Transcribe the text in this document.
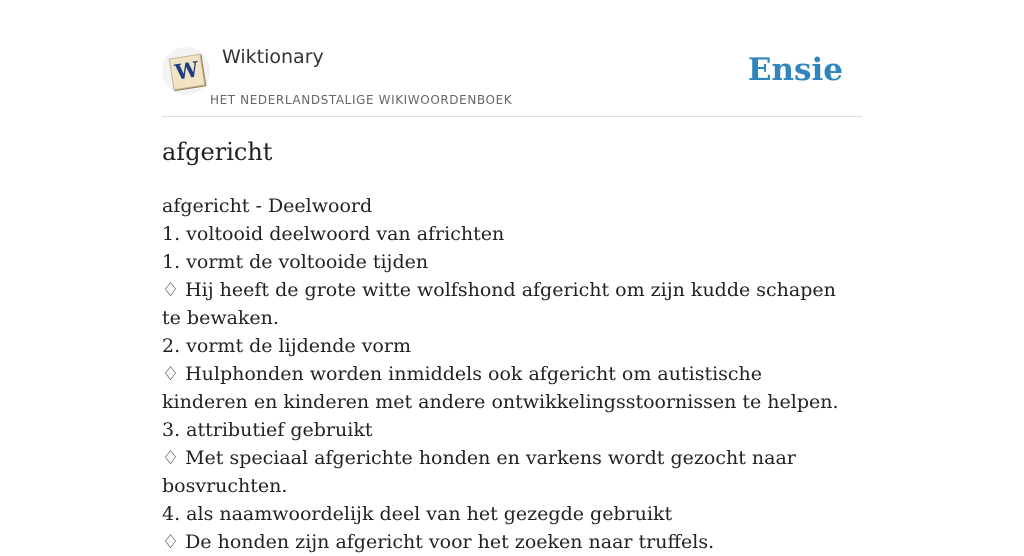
W Wiktionary
HET NEDERLANDSTALIGE WIKIWOORDENBOEK
Ensie
afgericht
afgericht - Deelwoord
1. voltooid deelwoord van africhten
1. vormt de voltooide tijden
♢ Hij heeft de grote witte wolfshond afgericht om zijn kudde schapen te bewaken.
2. vormt de lijdende vorm
♢ Hulphonden worden inmiddels ook afgericht om autistische kinderen en kinderen met andere ontwikkelingsstoornissen te helpen.
3. attributief gebruikt
♢ Met speciaal afgerichte honden en varkens wordt gezocht naar bosvruchten.
4. als naamwoordelijk deel van het gezegde gebruikt
♢ De honden zijn afgericht voor het zoeken naar truffels.
